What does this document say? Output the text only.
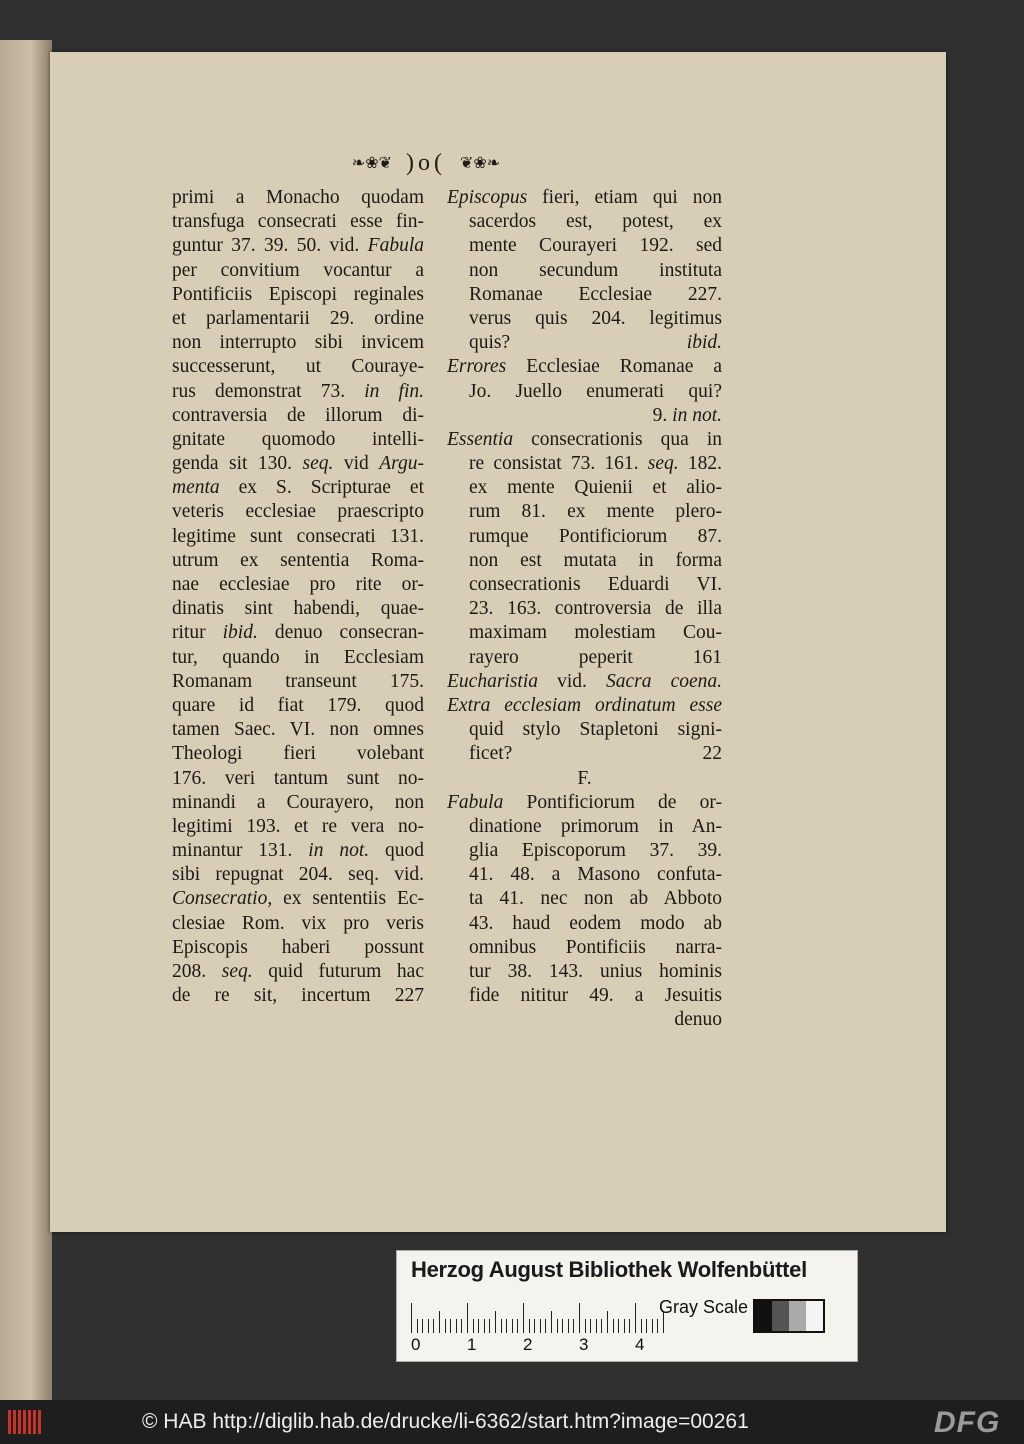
❧❀❦ )o( ❦❀❧
primi a Monacho quodam
transfuga consecrati esse fin-
guntur 37. 39. 50. vid. Fabula
per convitium vocantur a
Pontificiis Episcopi reginales
et parlamentarii 29. ordine
non interrupto sibi invicem
successerunt, ut Couraye-
rus demonstrat 73. in fin.
contraversia de illorum di-
gnitate quomodo intelli-
genda sit 130. seq. vid Argu-
menta ex S. Scripturae et
veteris ecclesiae praescripto
legitime sunt consecrati 131.
utrum ex sententia Roma-
nae ecclesiae pro rite or-
dinatis sint habendi, quae-
ritur ibid. denuo consecran-
tur, quando in Ecclesiam
Romanam transeunt 175.
quare id fiat 179. quod
tamen Saec. VI. non omnes
Theologi fieri volebant
176. veri tantum sunt no-
minandi a Courayero, non
legitimi 193. et re vera no-
minantur 131. in not. quod
sibi repugnat 204. seq. vid.
Consecratio, ex sententiis Ec-
clesiae Rom. vix pro veris
Episcopis haberi possunt
208. seq. quid futurum hac
de re sit, incertum 227
Episcopus fieri, etiam qui non
sacerdos est, potest, ex
mente Courayeri 192. sed
non secundum instituta
Romanae Ecclesiae 227.
verus quis 204. legitimus
quis? ibid.
Errores Ecclesiae Romanae a
Jo. Juello enumerati qui?
9. in not.
Essentia consecrationis qua in
re consistat 73. 161. seq. 182.
ex mente Quienii et alio-
rum 81. ex mente plero-
rumque Pontificiorum 87.
non est mutata in forma
consecrationis Eduardi VI.
23. 163. controversia de illa
maximam molestiam Cou-
rayero peperit 161
Eucharistia vid. Sacra coena.
Extra ecclesiam ordinatum esse
quid stylo Stapletoni signi-
ficet? 22
F.
Fabula Pontificiorum de or-
dinatione primorum in An-
glia Episcoporum 37. 39.
41. 48. a Masono confuta-
ta 41. nec non ab Abboto
43. haud eodem modo ab
omnibus Pontificiis narra-
tur 38. 143. unius hominis
fide nititur 49. a Jesuitis
denuo
Herzog August Bibliothek Wolfenbüttel
0	1	2	3	4
Gray Scale
© HAB http://diglib.hab.de/drucke/li-6362/start.htm?image=00261	DFG
